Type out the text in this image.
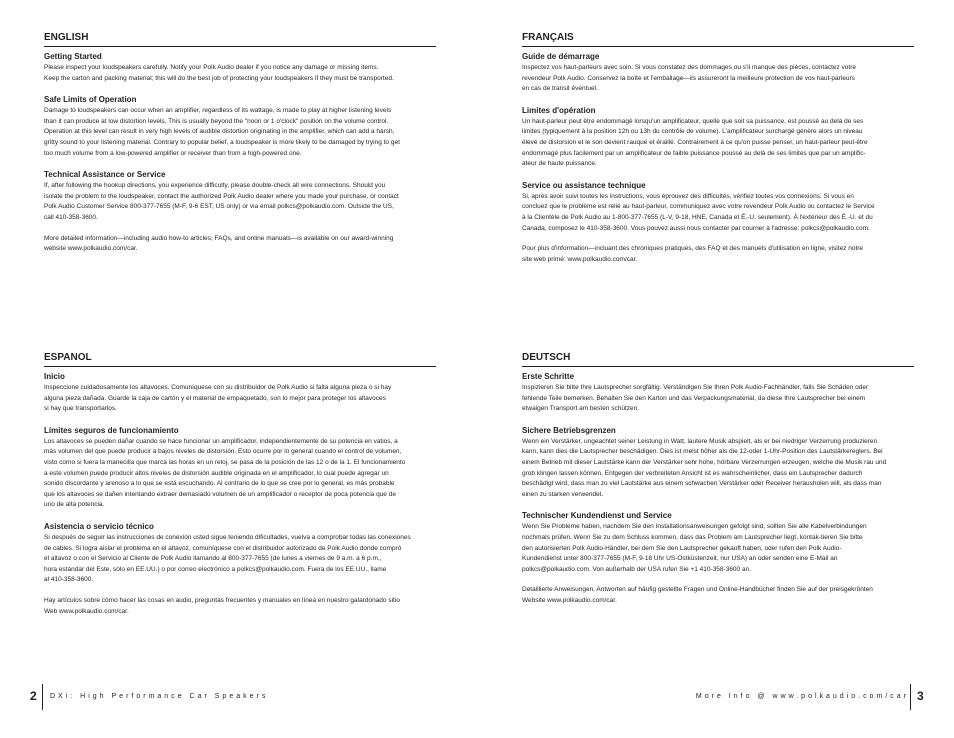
ENGLISH
Getting Started

Please inspect your loudspeakers carefully. Notify your Polk Audio dealer if you notice any damage or missing items.
Keep the carton and packing material; this will do the best job of protecting your loudspeakers if they must be transported.

Safe Limits of Operation

Damage to loudspeakers can occur when an amplifier, regardless of its wattage, is made to play at higher listening levels
than it can produce at low distortion levels. This is usually beyond the "noon or 1 o'clock" position on the volume control.
Operation at this level can result in very high levels of audible distortion originating in the amplifier, which can add a harsh,
gritty sound to your listening material. Contrary to popular belief, a loudspeaker is more likely to be damaged by trying to get
too much volume from a low-powered amplifier or receiver than from a high-powered one.

Technical Assistance or Service

If, after following the hookup directions, you experience difficulty, please double-check all wire connections. Should you
isolate the problem to the loudspeaker, contact the authorized Polk Audio dealer where you made your purchase, or contact
Polk Audio Customer Service 800-377-7655 (M-F, 9-6 EST, US only) or via email polkcs@polkaudio.com. Outside the US,
call 410-358-3600.

More detailed information—including audio how-to articles; FAQs, and online manuals—is available on our award-winning
website www.polkaudio.com/car.

FRANÇAIS
Guide de démarrage

Inspectez vos haut-parleurs avec soin. Si vous constatez des dommages ou s'il manque des pièces, contactez votre
revendeur Polk Audio. Conservez la boîte et l'emballage—ils assureront la meilleure protection de vos haut-parleurs
en cas de transit éventuel.

Limites d'opération

Un haut-parleur peut être endommagé lorsqu'un amplificateur, quelle que soit sa puissance, est poussé au delà de ses
limites (typiquement à la position 12h ou 13h du contrôle de volume). L'amplificateur surchargé génère alors un niveau
élevé de distorsion et le son devient rauque et éraillé. Contrairement à ce qu'on puisse penser, un haut-parleur peut-être
endommagé plus facilement par un amplificateur de faible puissance poussé au delà de ses limites que par un amplific-
ateur de haute puissance.

Service ou assistance technique

Si, après avoir suivi toutes les instructions, vous éprouvez des difficultés, vérifiez toutes vos connexions. Si vous en
concluez que le problème est relié au haut-parleur, communiquez avec votre revendeur Polk Audio ou contactez le Service
à la Clientèle de Polk Audio au 1-800-377-7655 (L-V, 9-18, HNE, Canada et É.-U. seulement). À l'extérieur des É.-U. et du
Canada, composez le 410-358-3600. Vous pouvez aussi nous contacter par courrier à l'adresse: polkcs@polkaudio.com.

Pour plus d'information—incluant des chroniques pratiques, des FAQ et des manuels d'utilisation en ligne, visitez notre
site web primé: www.polkaudio.com/car.

ESPANOL
Inicio

Inspeccione cuidadosamente los altavoces. Comuníquese con su distribuidor de Polk Audio si falta alguna pieza o si hay
alguna pieza dañada. Guarde la caja de cartón y el material de empaquetado, son lo mejor para proteger los altavoces
si hay que transportarlos.

Límites seguros de funcionamiento

Los altavoces se pueden dañar cuando se hace funcionar un amplificador, independientemente de su potencia en vatios, a
más volumen del que puede producir a bajos niveles de distorsión. Esto ocurre por lo general cuando el control de volumen,
visto como si fuera la manecilla que marca las horas en un reloj, se pasa de la posición de las 12 o de la 1. El funcionamiento
a este volumen puede producir altos niveles de distorsión audible originada en el amplificador, lo cual puede agregar un
sonido discordante y arenoso a lo que se está escuchando. Al contrario de lo que se cree por lo general, es más probable
que los altavoces se dañen intentando extraer demasiado volumen de un amplificador o receptor de poca potencia que de
uno de alta potencia.

Asistencia o servicio técnico

Si después de seguir las instrucciones de conexión usted sigue teniendo dificultades, vuelva a comprobar todas las conexiones
de cables. Si logra aislar el problema en el altavoz, comuníquese con el distribuidor autorizado de Polk Audio donde compró
el altavoz o con el Servicio al Cliente de Polk Audio llamando al 800-377-7655 (de lunes a viernes de 9 a.m. a 6 p.m.,
hora estándar del Este, sólo en EE.UU.) o por correo electrónico a polkcs@polkaudio.com. Fuera de los EE.UU., llame
al 410-358-3600.

Hay artículos sobre cómo hacer las cosas en audio, preguntas frecuentes y manuales en línea en nuestro galardonado sitio
Web www.polkaudio.com/car.

DEUTSCH
Erste Schritte

Inspizieren Sie bitte Ihre Lautsprecher sorgfältig. Verständigen Sie Ihren Polk Audio-Fachhändler, falls Sie Schäden oder
fehlende Teile bemerken. Behalten Sie den Karton und das Verpackungsmaterial, da diese Ihre Lautsprecher bei einem
etwaigen Transport am besten schützen.

Sichere Betriebsgrenzen

Wenn ein Verstärker, ungeachtet seiner Leistung in Watt, lautere Musik abspielt, als er bei niedriger Verzerrung produzieren
kann, kann dies die Lautsprecher beschädigen. Dies ist meist höher als die 12-oder 1-Uhr-Position des Lautstärkereglers. Bei
einem Betrieb mit dieser Lautstärke kann der Verstärker sehr hohe, hörbare Verzerrungen erzeugen, welche die Musik rau und
grob klingen lassen können. Entgegen der verbreiteten Ansicht ist es wahrscheinlicher, dass ein Lautsprecher dadurch
beschädigt wird, dass man zu viel Lautstärke aus einem schwachen Verstärker oder Receiver herausholen will, als dass man
einen zu starken verwendet.

Technischer Kundendienst und Service

Wenn Sie Probleme haben, nachdem Sie den Installationsanweisungen gefolgt sind, sollten Sie alle Kabelverbindungen
nochmals prüfen. Wenn Sie zu dem Schluss kommen, dass das Problem am Lautsprecher liegt, kontak-tieren Sie bitte
den autorisierten Polk Audio-Händler, bei dem Sie den Lautsprecher gekauft haben, oder rufen den Polk Audio-
Kundendienst unter 800-377-7655 (M-F, 9-18 Uhr US-Ostküstenzeit, nur USA) an oder senden eine E-Mail an
polkcs@polkaudio.com. Von außerhalb der USA rufen Sie +1 410-358-3600 an.

Detaillierte Anweisungen, Antworten auf häufig gestellte Fragen und Online-Handbücher finden Sie auf der preisgekrönten
Website www.polkaudio.com/car.

2 DXi: High Performance Car Speakers	More Info @ www.polkaudio.com/car 3
